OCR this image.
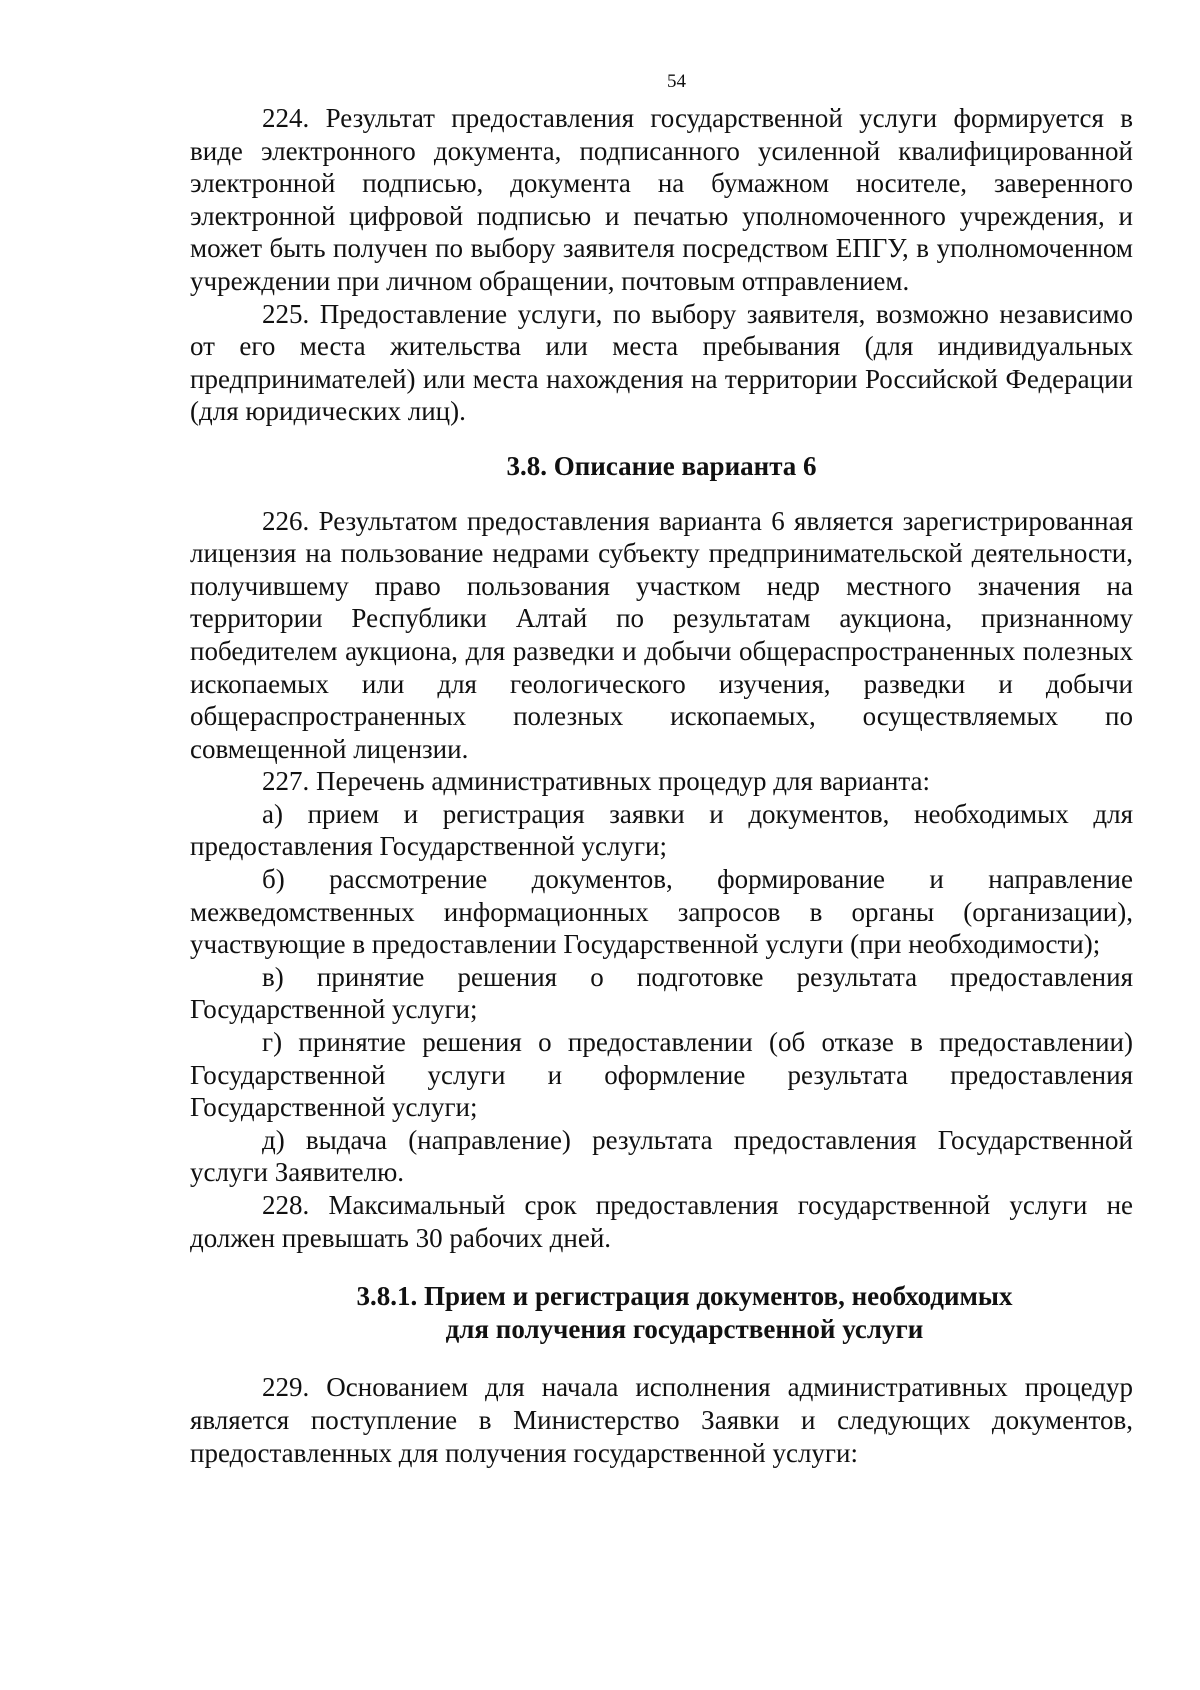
54

224. Результат предоставления государственной услуги формируется в виде электронного документа, подписанного усиленной квалифицированной электронной подписью, документа на бумажном носителе, заверенного электронной цифровой подписью и печатью уполномоченного учреждения, и может быть получен по выбору заявителя посредством ЕПГУ, в уполномоченном учреждении при личном обращении, почтовым отправлением.

225. Предоставление услуги, по выбору заявителя, возможно независимо от его места жительства или места пребывания (для индивидуальных предпринимателей) или места нахождения на территории Российской Федерации (для юридических лиц).

3.8. Описание варианта 6

226. Результатом предоставления варианта 6 является зарегистрированная лицензия на пользование недрами субъекту предпринимательской деятельности, получившему право пользования участком недр местного значения на территории Республики Алтай по результатам аукциона, признанному победителем аукциона, для разведки и добычи общераспространенных полезных ископаемых или для геологического изучения, разведки и добычи общераспространенных полезных ископаемых, осуществляемых по совмещенной лицензии.

227. Перечень административных процедур для варианта:

а) прием и регистрация заявки и документов, необходимых для предоставления Государственной услуги;

б) рассмотрение документов, формирование и направление межведомственных информационных запросов в органы (организации), участвующие в предоставлении Государственной услуги (при необходимости);

в) принятие решения о подготовке результата предоставления Государственной услуги;

г) принятие решения о предоставлении (об отказе в предоставлении) Государственной услуги и оформление результата предоставления Государственной услуги;

д) выдача (направление) результата предоставления Государственной услуги Заявителю.

228. Максимальный срок предоставления государственной услуги не должен превышать 30 рабочих дней.

3.8.1. Прием и регистрация документов, необходимых
для получения государственной услуги

229. Основанием для начала исполнения административных процедур является поступление в Министерство Заявки и следующих документов, предоставленных для получения государственной услуги:
